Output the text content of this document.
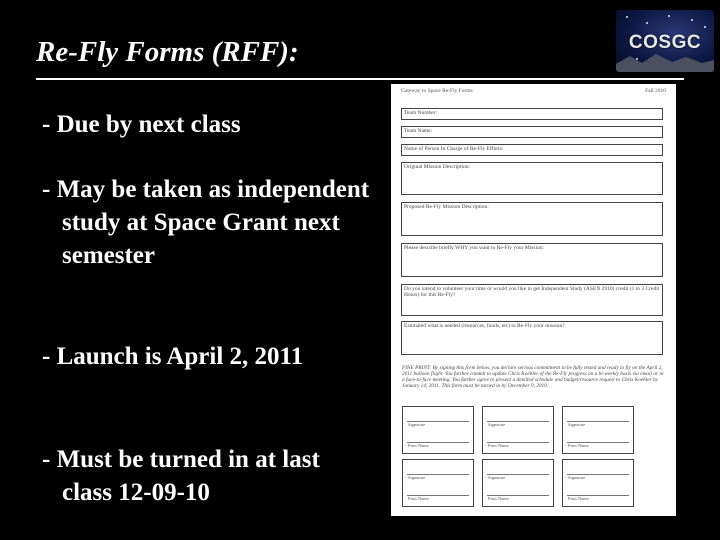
Re-Fly Forms (RFF):	COSGC
- Due by next class
- May be taken as independent study at Space Grant next semester
- Launch is April 2, 2011
- Must be turned in at last class 12-09-10
Gateway to Space Re-Fly Forms	Fall 2010
Team Number:
Team Name:
Name of Person In Charge of Re-Fly Efforts:
Original Mission Description:
Proposed Re-Fly Mission Description:
Please describe briefly WHY you want to Re-Fly your Mission:
Do you intend to volunteer your time or would you like to get Independent Study (ASEN 2910) credit (1 to 3 Credit Hours) for this Re-Fly?
Estimated what is needed (resources, funds, etc) to Re-Fly your mission?
FINE PRINT: By signing this form below, you declare serious commitment to be fully tested and ready to fly on the April 2, 2011 balloon flight. You further commit to update Chris Koehler of the Re-Fly progress on a bi-weekly basis via email or in a face-to-face meeting. You further agree to present a detailed schedule and budget/resource request to Chris Koehler by January 14, 2011. This form must be turned in by December 9, 2010.
Signature
Print Name
Signature
Print Name
Signature
Print Name
Signature
Print Name
Signature
Print Name
Signature
Print Name
